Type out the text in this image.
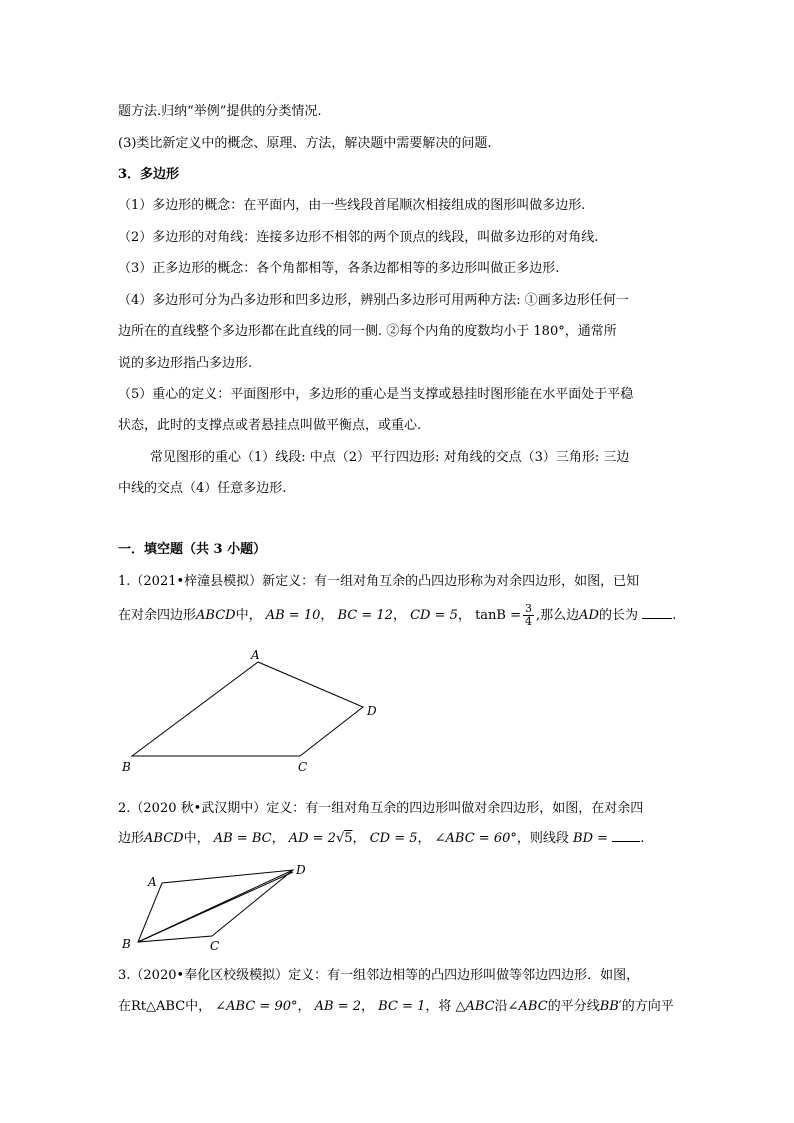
题方法.归纳“举例”提供的分类情况.
(3)类比新定义中的概念、原理、方法，解决题中需要解决的问题.
3．多边形
（1）多边形的概念：在平面内，由一些线段首尾顺次相接组成的图形叫做多边形.
（2）多边形的对角线：连接多边形不相邻的两个顶点的线段，叫做多边形的对角线.
（3）正多边形的概念：各个角都相等，各条边都相等的多边形叫做正多边形.
（4）多边形可分为凸多边形和凹多边形，辨别凸多边形可用两种方法: ①画多边形任何一
边所在的直线整个多边形都在此直线的同一侧. ②每个内角的度数均小于 180°，通常所
说的多边形指凸多边形.
（5）重心的定义：平面图形中，多边形的重心是当支撑或悬挂时图形能在水平面处于平稳
状态，此时的支撑点或者悬挂点叫做平衡点，或重心.
常见图形的重心（1）线段: 中点（2）平行四边形: 对角线的交点（3）三角形: 三边
中线的交点（4）任意多边形.
一．填空题（共 3 小题）
1.（2021•梓潼县模拟）新定义：有一组对角互余的凸四边形称为对余四边形，如图，已知
在对余四边形ABCD中， AB = 10， BC = 12， CD = 5， $\tan B = \frac{3}{4}$ ,那么边AD的长为	.
A
B	C
D
2.（2020 秋•武汉期中）定义：有一组对角互余的四边形叫做对余四边形，如图，在对余四
边形ABCD中， AB = BC， AD = 2√5， CD = 5， ∠ABC = 60°，则线段 BD = .
A
B	C
D
3.（2020•奉化区校级模拟）定义：有一组邻边相等的凸四边形叫做等邻边四边形．如图，
在Rt△ABC中， ∠ABC = 90°， AB = 2， BC = 1，将 △ABC沿∠ABC的平分线BB′的方向平
